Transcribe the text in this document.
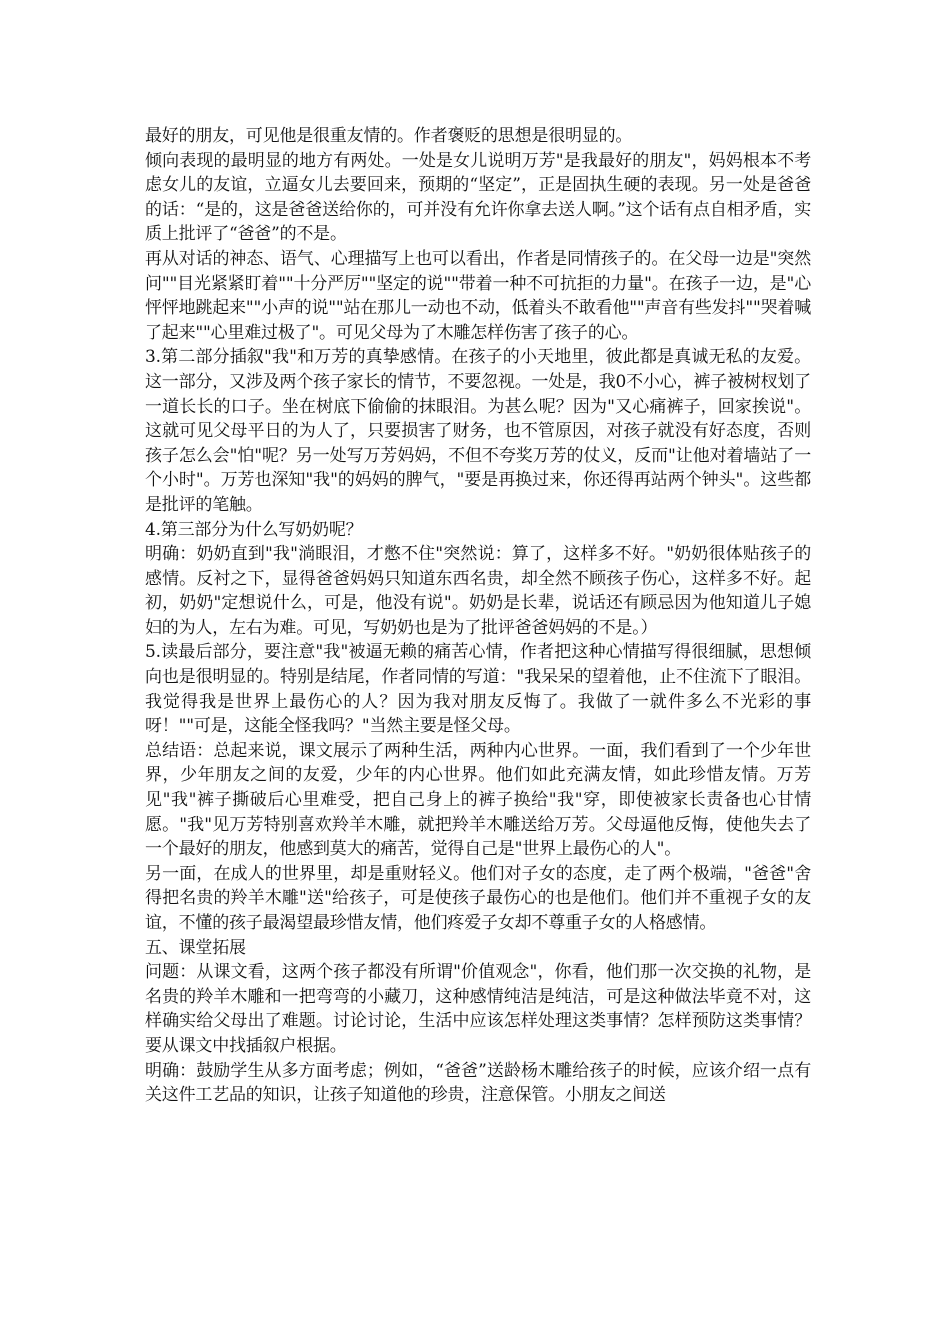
最好的朋友，可见他是很重友情的。作者褒贬的思想是很明显的。

倾向表现的最明显的地方有两处。一处是女儿说明万芳"是我最好的朋友"，妈妈根本不考虑女儿的友谊，立逼女儿去要回来，预期的“坚定”，正是固执生硬的表现。另一处是爸爸的话：“是的，这是爸爸送给你的，可并没有允许你拿去送人啊。”这个话有点自相矛盾，实质上批评了“爸爸”的不是。

再从对话的神态、语气、心理描写上也可以看出，作者是同情孩子的。在父母一边是"突然问""目光紧紧盯着""十分严厉""坚定的说""带着一种不可抗拒的力量"。在孩子一边，是"心怦怦地跳起来""小声的说""站在那儿一动也不动，低着头不敢看他""声音有些发抖""哭着喊了起来""心里难过极了"。可见父母为了木雕怎样伤害了孩子的心。

3.第二部分插叙"我"和万芳的真挚感情。在孩子的小天地里，彼此都是真诚无私的友爱。这一部分，又涉及两个孩子家长的情节，不要忽视。一处是，我0不小心，裤子被树杈划了一道长长的口子。坐在树底下偷偷的抹眼泪。为甚么呢？因为"又心痛裤子，回家挨说"。这就可见父母平日的为人了，只要损害了财务，也不管原因，对孩子就没有好态度，否则孩子怎么会"怕"呢？另一处写万芳妈妈，不但不夸奖万芳的仗义，反而"让他对着墙站了一个小时"。万芳也深知"我"的妈妈的脾气，"要是再换过来，你还得再站两个钟头"。这些都是批评的笔触。

4.第三部分为什么写奶奶呢？

明确：奶奶直到"我"淌眼泪，才憋不住"突然说：算了，这样多不好。"奶奶很体贴孩子的感情。反衬之下，显得爸爸妈妈只知道东西名贵，却全然不顾孩子伤心，这样多不好。起初，奶奶"定想说什么，可是，他没有说"。奶奶是长辈，说话还有顾忌因为他知道儿子媳妇的为人，左右为难。可见，写奶奶也是为了批评爸爸妈妈的不是。）

5.读最后部分，要注意"我"被逼无赖的痛苦心情，作者把这种心情描写得很细腻，思想倾向也是很明显的。特别是结尾，作者同情的写道："我呆呆的望着他，止不住流下了眼泪。我觉得我是世界上最伤心的人？因为我对朋友反悔了。我做了一就件多么不光彩的事呀！""可是，这能全怪我吗？"当然主要是怪父母。

总结语：总起来说，课文展示了两种生活，两种内心世界。一面，我们看到了一个少年世界，少年朋友之间的友爱，少年的内心世界。他们如此充满友情，如此珍惜友情。万芳见"我"裤子撕破后心里难受，把自己身上的裤子换给"我"穿，即使被家长责备也心甘情愿。"我"见万芳特别喜欢羚羊木雕，就把羚羊木雕送给万芳。父母逼他反悔，使他失去了一个最好的朋友，他感到莫大的痛苦，觉得自己是"世界上最伤心的人"。

另一面，在成人的世界里，却是重财轻义。他们对子女的态度，走了两个极端，"爸爸"舍得把名贵的羚羊木雕"送"给孩子，可是使孩子最伤心的也是他们。他们并不重视子女的友谊，不懂的孩子最渴望最珍惜友情，他们疼爱子女却不尊重子女的人格感情。

五、课堂拓展

问题：从课文看，这两个孩子都没有所谓"价值观念"，你看，他们那一次交换的礼物，是名贵的羚羊木雕和一把弯弯的小藏刀，这种感情纯洁是纯洁，可是这种做法毕竟不对，这样确实给父母出了难题。讨论讨论，生活中应该怎样处理这类事情？怎样预防这类事情？要从课文中找插叙户根据。

明确：鼓励学生从多方面考虑；例如，“爸爸”送龄杨木雕给孩子的时候，应该介绍一点有关这件工艺品的知识，让孩子知道他的珍贵，注意保管。小朋友之间送
